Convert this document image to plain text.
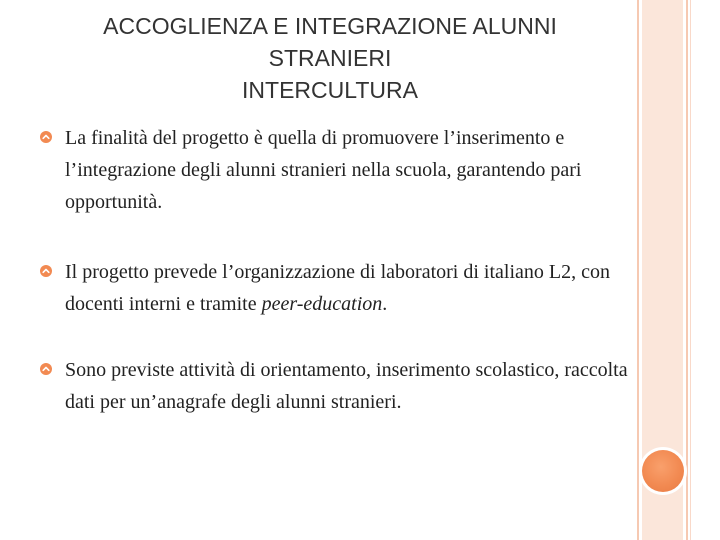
ACCOGLIENZA E INTEGRAZIONE ALUNNI
STRANIERI
INTERCULTURA
La finalità del progetto è quella di promuovere l’inserimento e l’integrazione degli alunni stranieri nella scuola, garantendo pari opportunità.
Il progetto prevede l’organizzazione di laboratori di italiano L2, con docenti interni e tramite peer-education.
Sono previste attività di orientamento, inserimento scolastico, raccolta dati per un’anagrafe degli alunni stranieri.
